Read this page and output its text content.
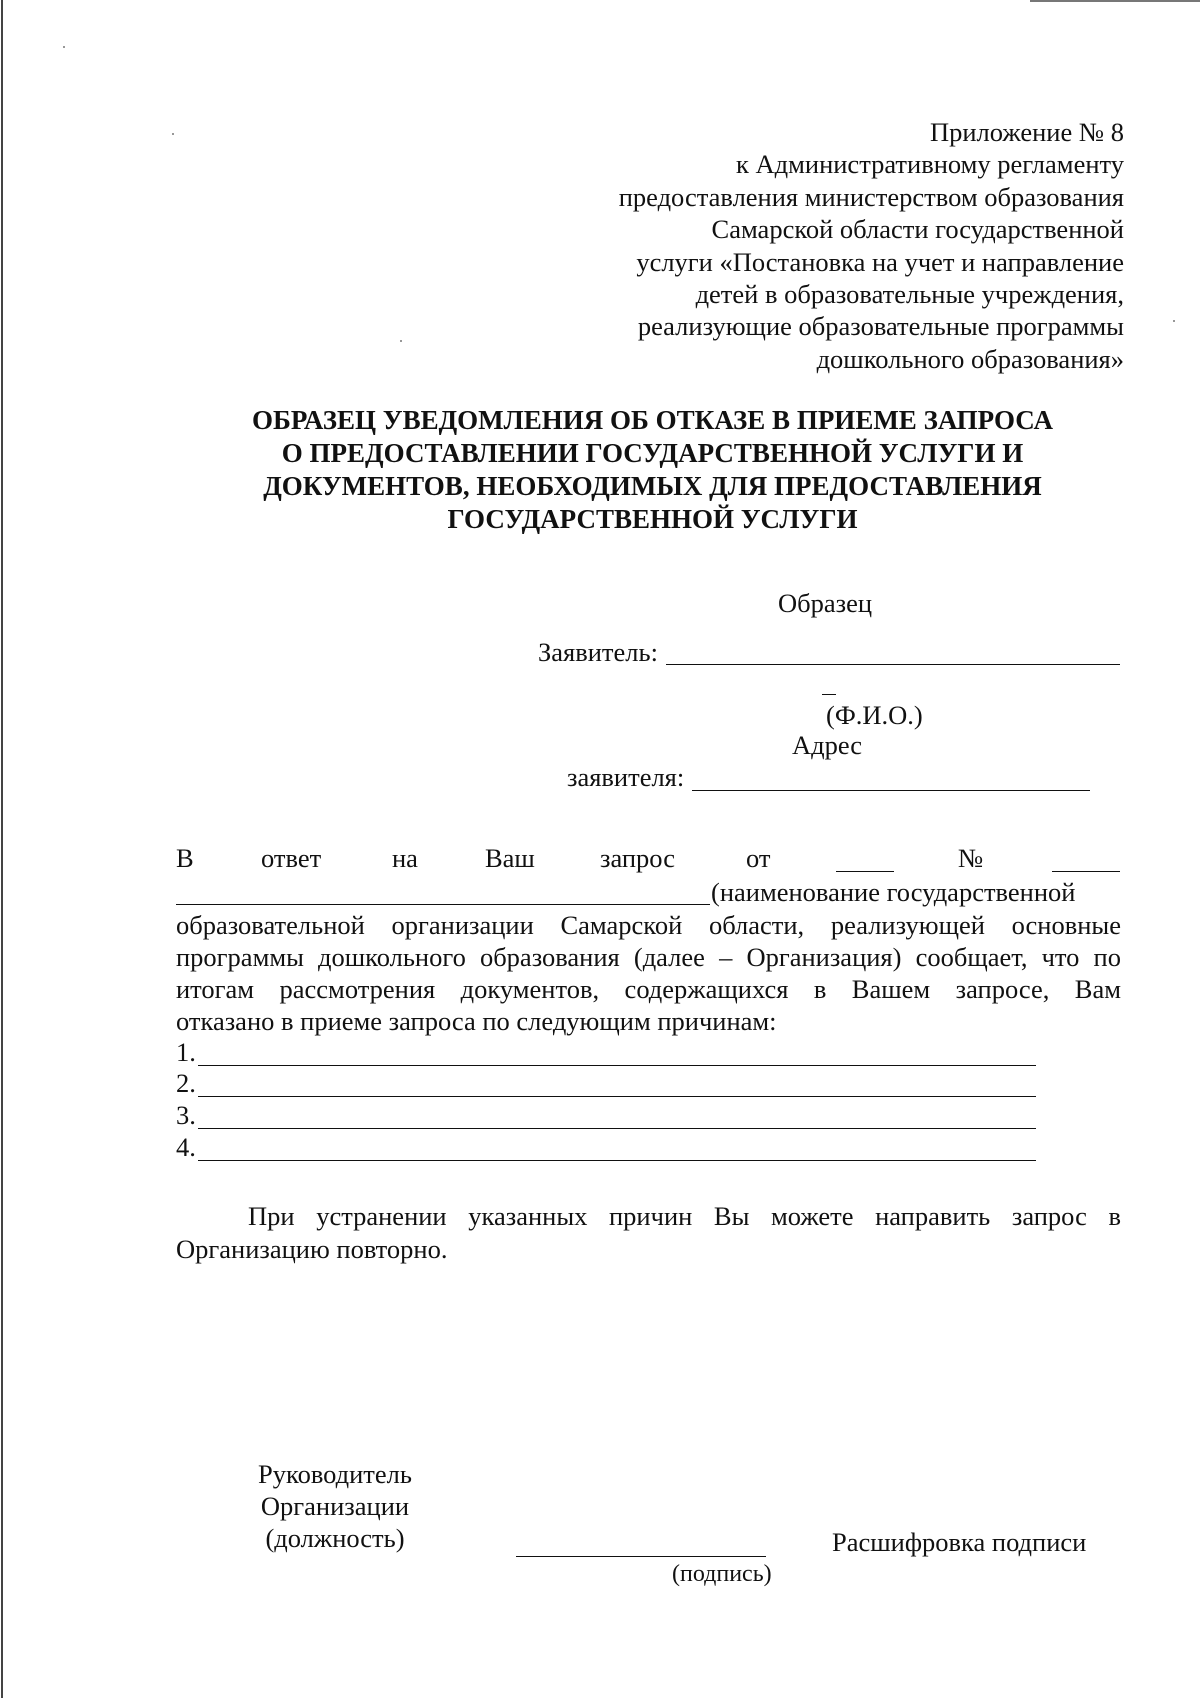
Приложение № 8
к Административному регламенту
предоставления министерством образования
Самарской области государственной
услуги «Постановка на учет и направление
детей в образовательные учреждения,
реализующие образовательные программы
дошкольного образования»
ОБРАЗЕЦ УВЕДОМЛЕНИЯ ОБ ОТКАЗЕ В ПРИЕМЕ ЗАПРОСА
О ПРЕДОСТАВЛЕНИИ ГОСУДАРСТВЕННОЙ УСЛУГИ И
ДОКУМЕНТОВ, НЕОБХОДИМЫХ ДЛЯ ПРЕДОСТАВЛЕНИЯ
ГОСУДАРСТВЕННОЙ УСЛУГИ
Образец
Заявитель:
(Ф.И.О.)
Адрес
заявителя:
В	ответ	на	Ваш запрос	от	№
(наименование государственной
образовательной организации Самарской области, реализующей основные
программы дошкольного образования (далее – Организация) сообщает, что по
итогам рассмотрения документов, содержащихся в Вашем запросе, Вам
отказано в приеме запроса по следующим причинам:
1.
2.
3.
4.
При устранении указанных причин Вы можете направить запрос в
Организацию повторно.
Руководитель
Организации
(должность)
(подпись)
Расшифровка подписи
